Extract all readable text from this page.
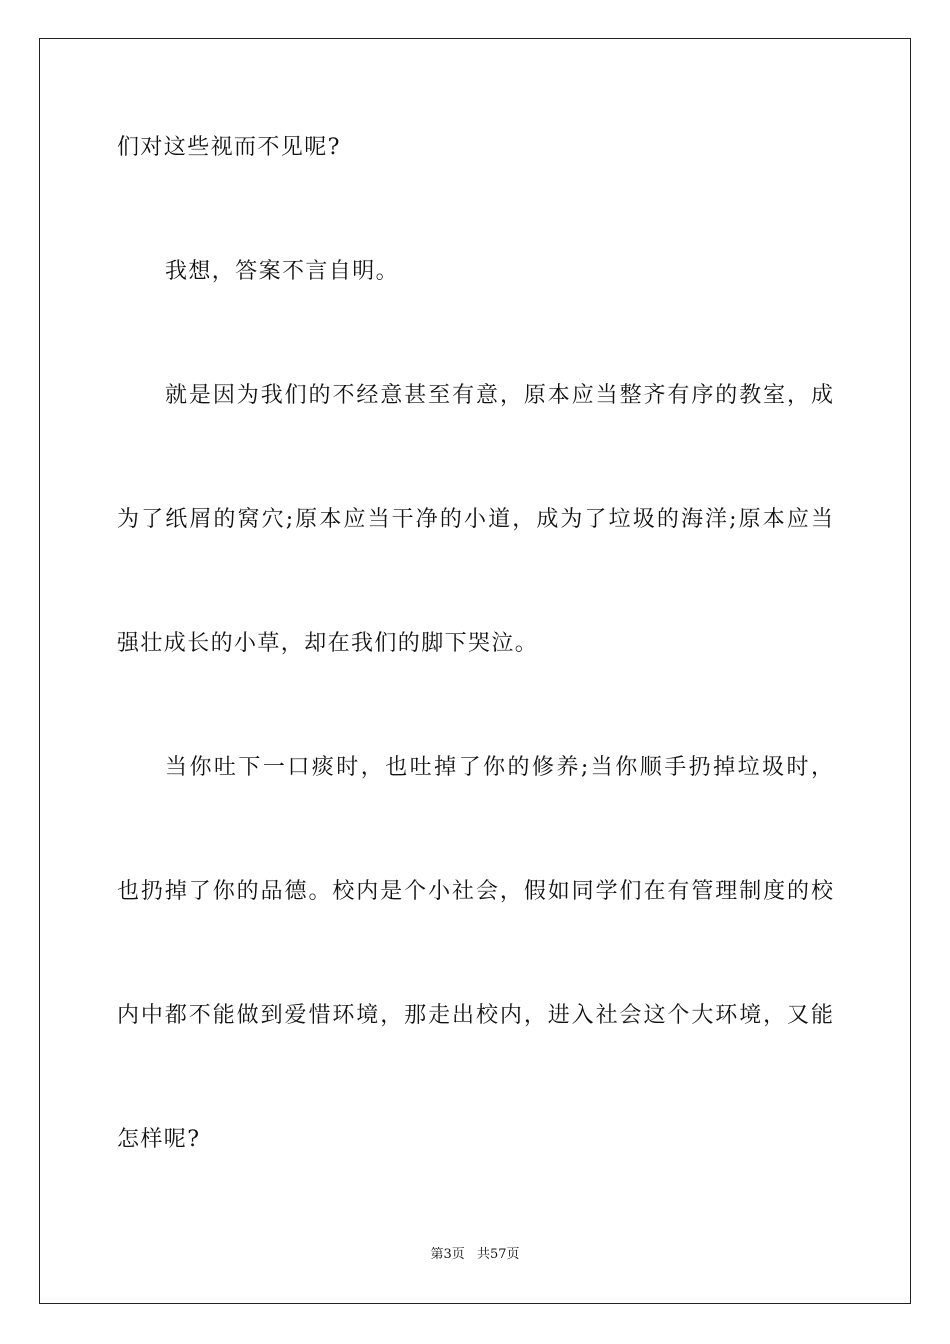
们对这些视而不见呢?
我想，答案不言自明。
就是因为我们的不经意甚至有意，原本应当整齐有序的教室，成
为了纸屑的窝穴;原本应当干净的小道，成为了垃圾的海洋;原本应当
强壮成长的小草，却在我们的脚下哭泣。
当你吐下一口痰时，也吐掉了你的修养;当你顺手扔掉垃圾时，
也扔掉了你的品德。校内是个小社会，假如同学们在有管理制度的校
内中都不能做到爱惜环境，那走出校内，进入社会这个大环境，又能
怎样呢?
第3页 共57页
